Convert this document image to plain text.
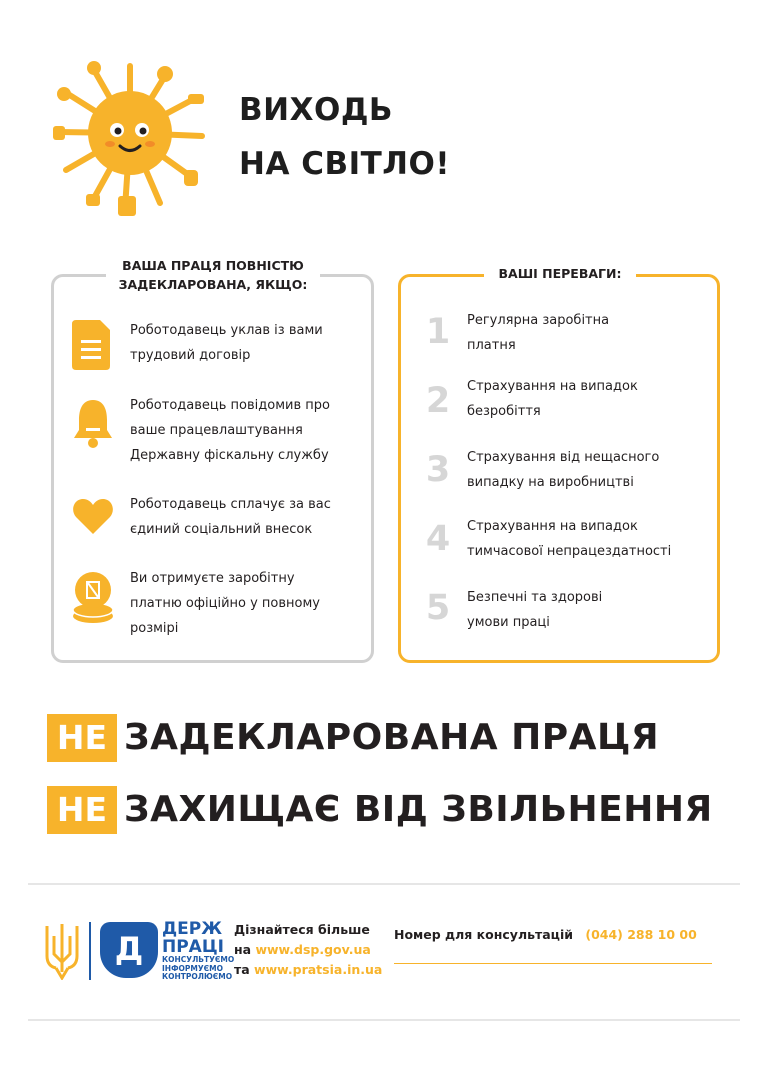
ВИХОДЬ
НА СВІТЛО!
ВАША ПРАЦЯ ПОВНІСТЮ
ЗАДЕКЛАРОВАНА, ЯКЩО:
Роботодавець уклав із вами
трудовий договір
Роботодавець повідомив про
ваше працевлаштування
Державну фіскальну службу
Роботодавець сплачує за вас
єдиний соціальний внесок
Ви отримуєте заробітну
платню офіційно у повному
розмірі
ВАШІ ПЕРЕВАГИ:
1 Регулярна заробітна
платня
2 Страхування на випадок
безробіття
3 Страхування від нещасного
випадку на виробництві
4 Страхування на випадок
тимчасової непрацездатності
5 Безпечні та здорові
умови праці
НЕ ЗАДЕКЛАРОВАНА ПРАЦЯ
НЕ ЗАХИЩАЄ ВІД ЗВІЛЬНЕННЯ
Д
ДЕРЖ
ПРАЦІ
КОНСУЛЬТУЄМО
ІНФОРМУЄМО
КОНТРОЛЮЄМО
Дізнайтеся більше
на www.dsp.gov.ua
та www.pratsia.in.ua
Номер для консультацій (044) 288 10 00
